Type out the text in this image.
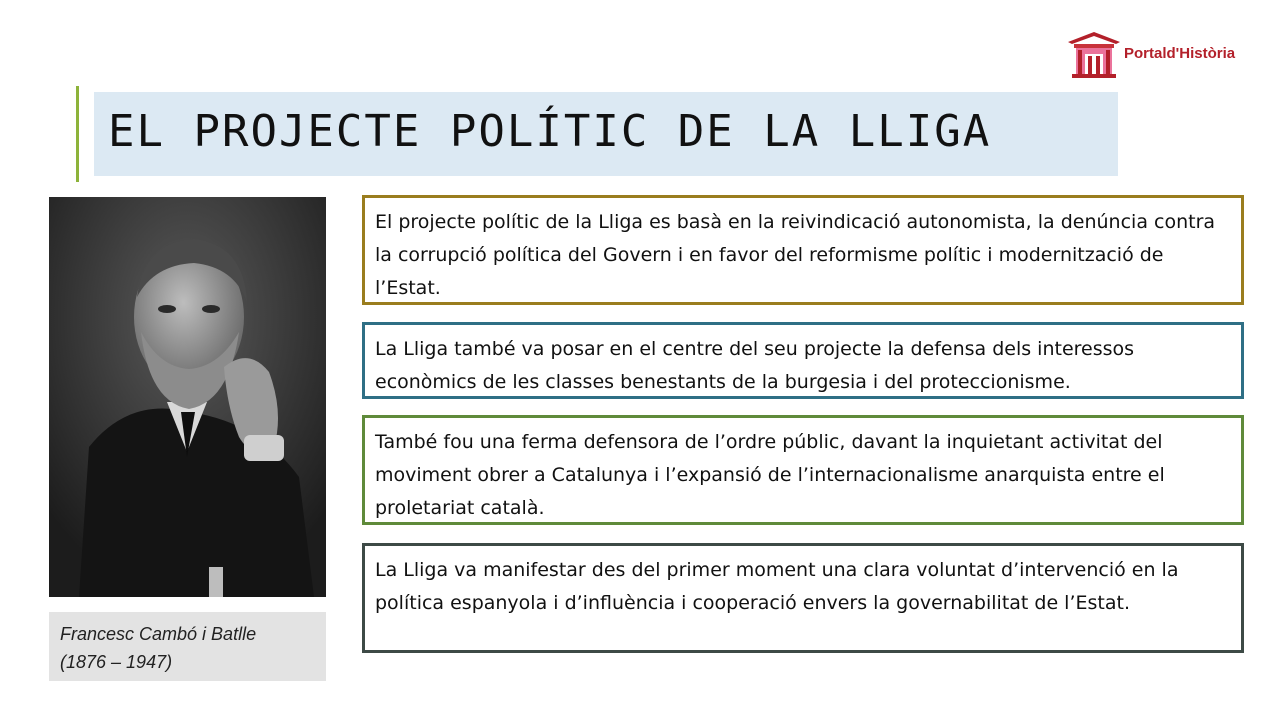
EL PROJECTE POLÍTIC DE LA LLIGA
Portald'Història
Francesc Cambó i Batlle
(1876 – 1947)

El projecte polític de la Lliga es basà en la reivindicació autonomista, la denúncia contra la corrupció política del Govern i en favor del reformisme polític i modernització de l’Estat.

La Lliga també va posar en el centre del seu projecte la defensa dels interessos econòmics de les classes benestants de la burgesia i del proteccionisme.

També fou una ferma defensora de l’ordre públic, davant la inquietant activitat del moviment obrer a Catalunya i l’expansió de l’internacionalisme anarquista entre el proletariat català.

La Lliga va manifestar des del primer moment una clara voluntat d’intervenció en la política espanyola i d’influència i cooperació envers la governabilitat de l’Estat.
